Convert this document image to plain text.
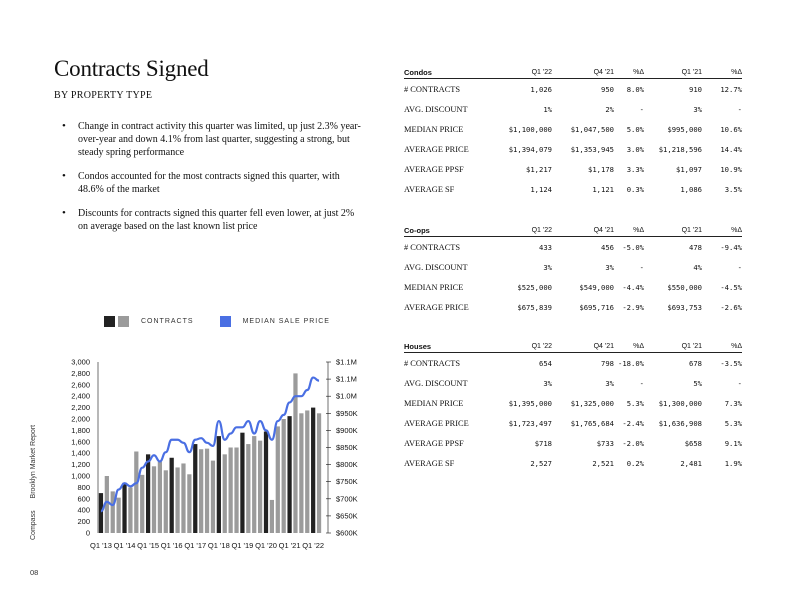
Contracts Signed
BY PROPERTY TYPE
• Change in contract activity this quarter was limited, up just 2.3% year-over-year and down 4.1% from last quarter, suggesting a strong, but steady spring performance
• Condos accounted for the most contracts signed this quarter, with 48.6% of the market
• Discounts for contracts signed this quarter fell even lower, at just 2% on average based on the last known list price
CONTRACTS	MEDIAN SALE PRICE
0
200
400
600
800
1,000
1,200
1,400
1,600
1,800
2,000
2,200
2,400
2,600
2,800
3,000
$600K
$650K
$700K
$750K
$800K
$850K
$900K
$950K
$1.0M
$1.1M
$1.1M
Q1 '13 Q1 '14 Q1 '15 Q1 '16 Q1 '17 Q1 '18 Q1 '19 Q1 '20 Q1 '21 Q1 '22
Compass Brooklyn Market Report
08
Condos	Q1 '22	Q4 '21	%Δ	Q1 '21	%Δ
# CONTRACTS	1,026	950	8.0%	910	12.7%
AVG. DISCOUNT	1%	2%	-	3%	-
MEDIAN PRICE	$1,100,000	$1,047,500	5.0%	$995,000	10.6%
AVERAGE PRICE	$1,394,079	$1,353,945	3.0%	$1,218,596	14.4%
AVERAGE PPSF	$1,217	$1,178	3.3%	$1,097	10.9%
AVERAGE SF	1,124	1,121	0.3%	1,086	3.5%
Co-ops	Q1 '22	Q4 '21	%Δ	Q1 '21	%Δ
# CONTRACTS	433	456	-5.0%	478	-9.4%
AVG. DISCOUNT	3%	3%	-	4%	-
MEDIAN PRICE	$525,000	$549,000	-4.4%	$550,000	-4.5%
AVERAGE PRICE	$675,839	$695,716	-2.9%	$693,753	-2.6%
Houses	Q1 '22	Q4 '21	%Δ	Q1 '21	%Δ
# CONTRACTS	654	798	-18.0%	678	-3.5%
AVG. DISCOUNT	3%	3%	-	5%	-
MEDIAN PRICE	$1,395,000	$1,325,000	5.3%	$1,300,000	7.3%
AVERAGE PRICE	$1,723,497	$1,765,684	-2.4%	$1,636,908	5.3%
AVERAGE PPSF	$718	$733	-2.0%	$658	9.1%
AVERAGE SF	2,527	2,521	0.2%	2,481	1.9%
